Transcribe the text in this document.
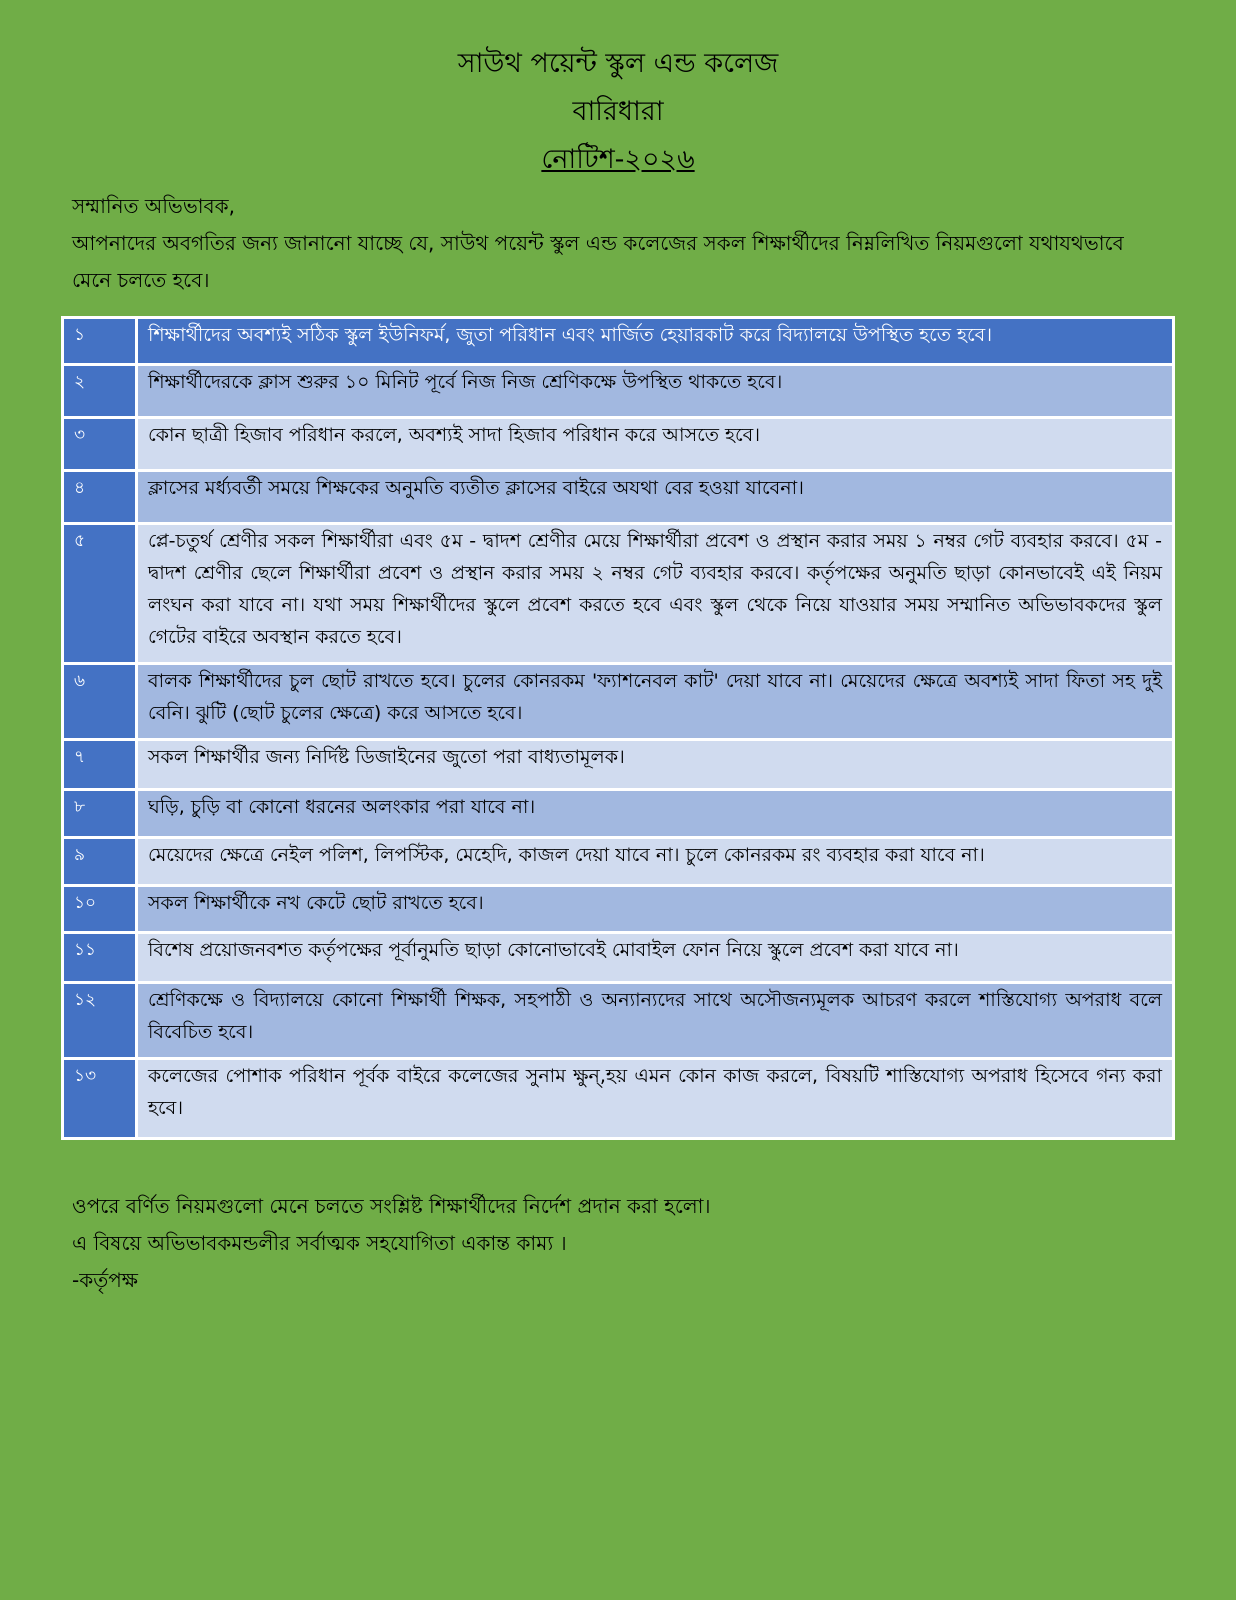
সাউথ পয়েন্ট স্কুল এন্ড কলেজ
বারিধারা
নোটিশ-২০২৬
সম্মানিত অভিভাবক,
আপনাদের অবগতির জন্য জানানো যাচ্ছে যে, সাউথ পয়েন্ট স্কুল এন্ড কলেজের সকল শিক্ষার্থীদের নিম্নলিখিত নিয়মগুলো যথাযথভাবে মেনে চলতে হবে।
১	শিক্ষার্থীদের অবশ্যই সঠিক স্কুল ইউনিফর্ম, জুতা পরিধান এবং মার্জিত হেয়ারকাট করে বিদ্যালয়ে উপস্থিত হতে হবে।
২	শিক্ষার্থীদেরকে ক্লাস শুরুর ১০ মিনিট পূর্বে নিজ নিজ শ্রেণিকক্ষে উপস্থিত থাকতে হবে।
৩	কোন ছাত্রী হিজাব পরিধান করলে, অবশ্যই সাদা হিজাব পরিধান করে আসতে হবে।
৪	ক্লাসের মর্ধ্যবর্তী সময়ে শিক্ষকের অনুমতি ব্যতীত ক্লাসের বাইরে অযথা বের হওয়া যাবেনা।
৫	প্লে-চতুর্থ শ্রেণীর সকল শিক্ষার্থীরা এবং ৫ম - দ্বাদশ শ্রেণীর মেয়ে শিক্ষার্থীরা প্রবেশ ও প্রস্থান করার সময় ১ নম্বর গেট ব্যবহার করবে। ৫ম - দ্বাদশ শ্রেণীর ছেলে শিক্ষার্থীরা প্রবেশ ও প্রস্থান করার সময় ২ নম্বর গেট ব্যবহার করবে। কর্তৃপক্ষের অনুমতি ছাড়া কোনভাবেই এই নিয়ম লংঘন করা যাবে না। যথা সময় শিক্ষার্থীদের স্কুলে প্রবেশ করতে হবে এবং স্কুল থেকে নিয়ে যাওয়ার সময় সম্মানিত অভিভাবকদের স্কুল গেটের বাইরে অবস্থান করতে হবে।
৬	বালক শিক্ষার্থীদের চুল ছোট রাখতে হবে। চুলের কোনরকম 'ফ্যাশনেবল কাট' দেয়া যাবে না। মেয়েদের ক্ষেত্রে অবশ্যই সাদা ফিতা সহ দুই বেনি। ঝুটি (ছোট চুলের ক্ষেত্রে) করে আসতে হবে।
৭	সকল শিক্ষার্থীর জন্য নির্দিষ্ট ডিজাইনের জুতো পরা বাধ্যতামূলক।
৮	ঘড়ি, চুড়ি বা কোনো ধরনের অলংকার পরা যাবে না।
৯	মেয়েদের ক্ষেত্রে নেইল পলিশ, লিপস্টিক, মেহেদি, কাজল দেয়া যাবে না। চুলে কোনরকম রং ব্যবহার করা যাবে না।
১০	সকল শিক্ষার্থীকে নখ কেটে ছোট রাখতে হবে।
১১	বিশেষ প্রয়োজনবশত কর্তৃপক্ষের পূর্বানুমতি ছাড়া কোনোভাবেই মোবাইল ফোন নিয়ে স্কুলে প্রবেশ করা যাবে না।
১২	শ্রেণিকক্ষে ও বিদ্যালয়ে কোনো শিক্ষার্থী শিক্ষক, সহপাঠী ও অন্যান্যদের সাথে অসৌজন্যমূলক আচরণ করলে শাস্তিযোগ্য অপরাধ বলে বিবেচিত হবে।
১৩	কলেজের পোশাক পরিধান পূর্বক বাইরে কলেজের সুনাম ক্ষুন্,হয় এমন কোন কাজ করলে, বিষয়টি শাস্তিযোগ্য অপরাধ হিসেবে গন্য করা হবে।
ওপরে বর্ণিত নিয়মগুলো মেনে চলতে সংশ্লিষ্ট শিক্ষার্থীদের নির্দেশ প্রদান করা হলো।
এ বিষয়ে অভিভাবকমন্ডলীর সর্বাত্মক সহযোগিতা একান্ত কাম্য ।
-কর্তৃপক্ষ
